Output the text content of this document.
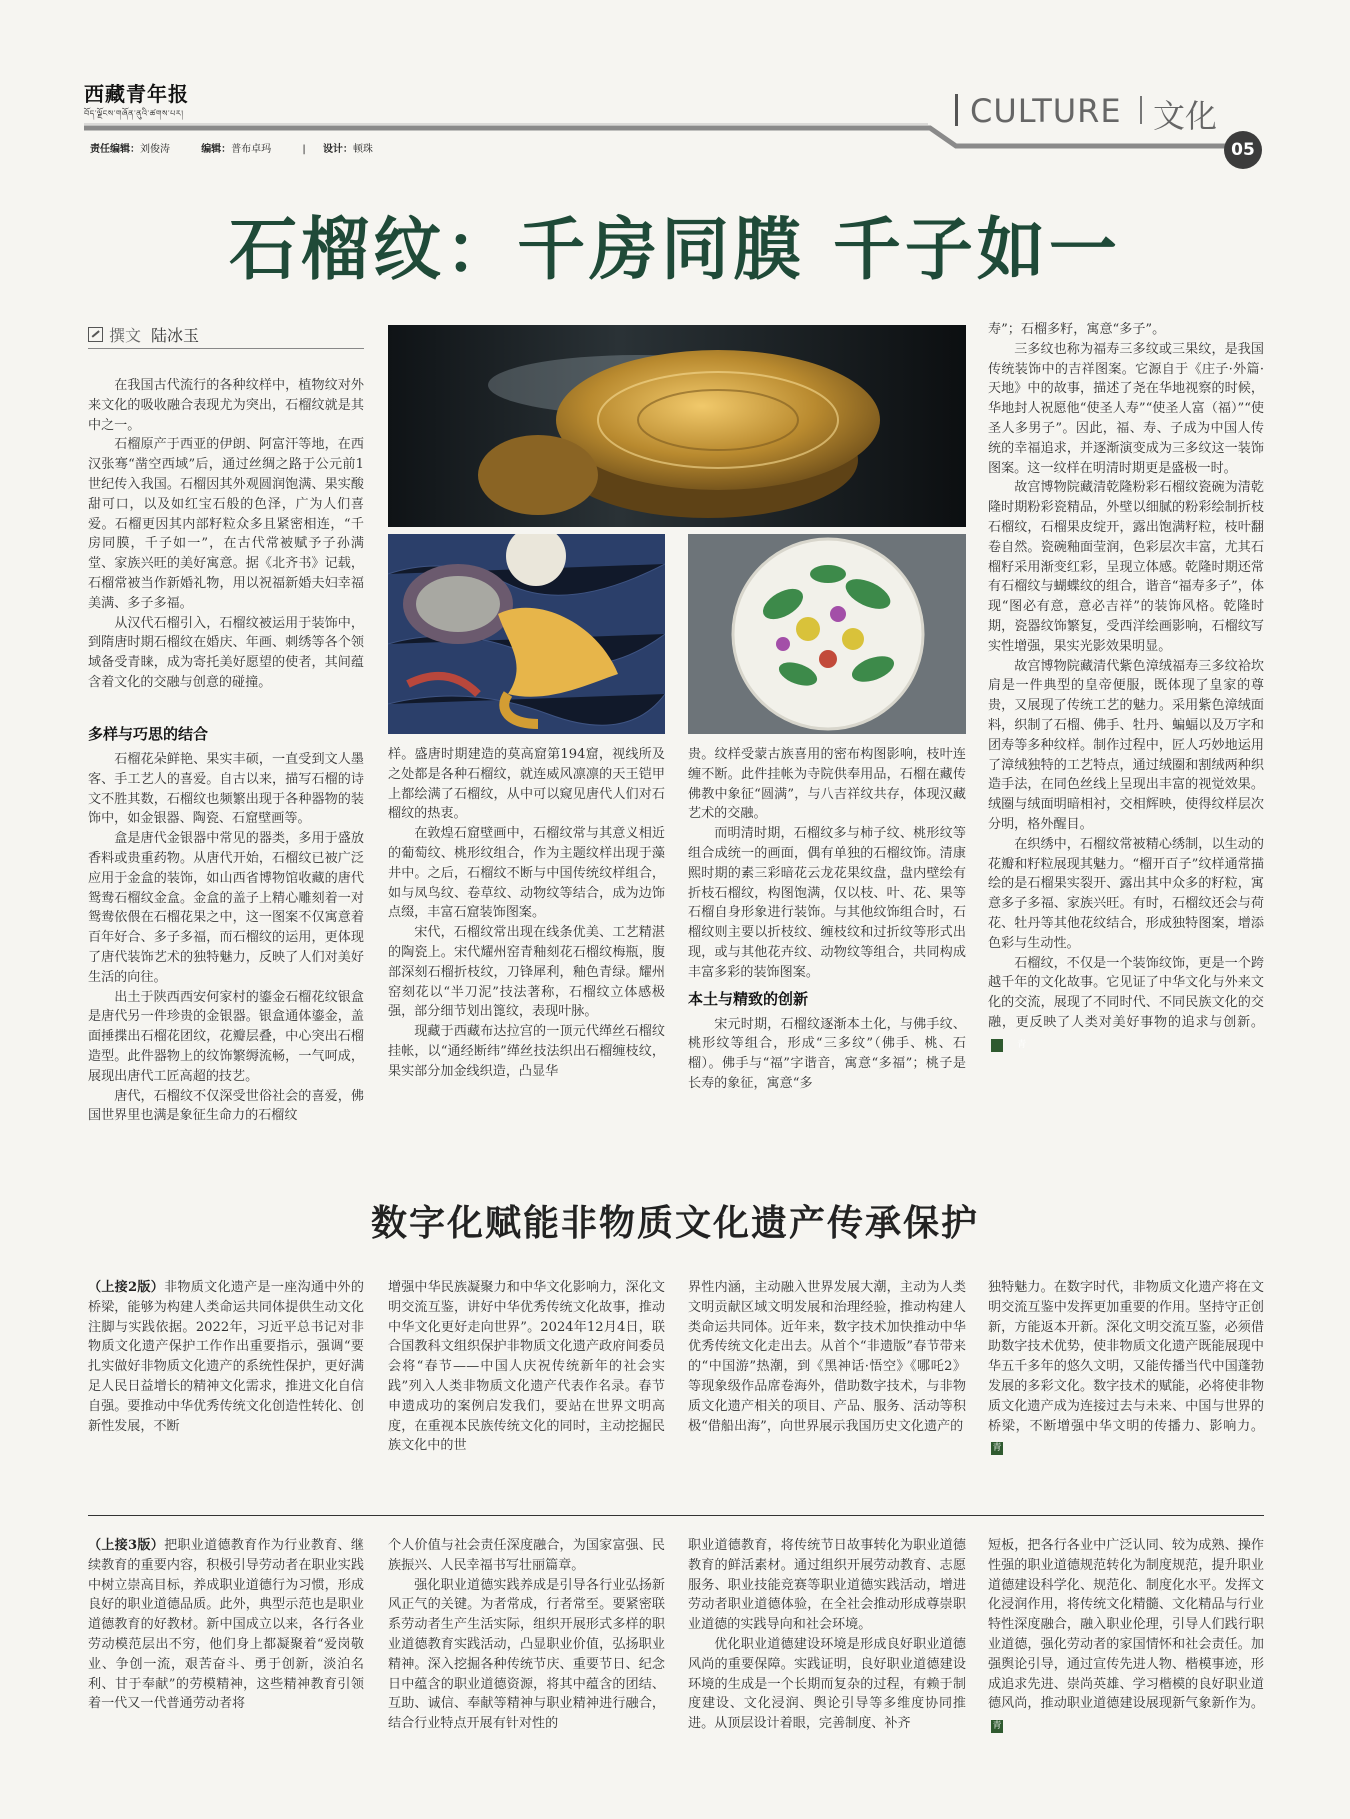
西藏青年报
བོད་ལྗོངས་གཞོན་ནུའི་ཚགས་པར།	CULTURE 文化
责任编辑：刘俊涛	编辑：普布卓玛	| 设计：顿珠	05
石榴纹：千房同膜 千子如一
撰文 陆冰玉

在我国古代流行的各种纹样中，植物纹对外来文化的吸收融合表现尤为突出，石榴纹就是其中之一。

石榴原产于西亚的伊朗、阿富汗等地，在西汉张骞“凿空西域”后，通过丝绸之路于公元前1世纪传入我国。石榴因其外观圆润饱满、果实酸甜可口，以及如红宝石般的色泽，广为人们喜爱。石榴更因其内部籽粒众多且紧密相连，“千房同膜，千子如一”，在古代常被赋予子孙满堂、家族兴旺的美好寓意。据《北齐书》记载，石榴常被当作新婚礼物，用以祝福新婚夫妇幸福美满、多子多福。

从汉代石榴引入，石榴纹被运用于装饰中，到隋唐时期石榴纹在婚庆、年画、刺绣等各个领域备受青睐，成为寄托美好愿望的使者，其间蕴含着文化的交融与创意的碰撞。

多样与巧思的结合

石榴花朵鲜艳、果实丰硕，一直受到文人墨客、手工艺人的喜爱。自古以来，描写石榴的诗文不胜其数，石榴纹也频繁出现于各种器物的装饰中，如金银器、陶瓷、石窟壁画等。

盒是唐代金银器中常见的器类，多用于盛放香料或贵重药物。从唐代开始，石榴纹已被广泛应用于金盒的装饰，如山西省博物馆收藏的唐代鸳鸯石榴纹金盒。金盒的盖子上精心雕刻着一对鸳鸯依偎在石榴花果之中，这一图案不仅寓意着百年好合、多子多福，而石榴纹的运用，更体现了唐代装饰艺术的独特魅力，反映了人们对美好生活的向往。

出土于陕西西安何家村的鎏金石榴花纹银盒是唐代另一件珍贵的金银器。银盒通体鎏金，盖面捶揲出石榴花团纹，花瓣层叠，中心突出石榴造型。此件器物上的纹饰繁缛流畅，一气呵成，展现出唐代工匠高超的技艺。

唐代，石榴纹不仅深受世俗社会的喜爱，佛国世界里也满是象征生命力的石榴纹

样。盛唐时期建造的莫高窟第194窟，视线所及之处都是各种石榴纹，就连威风凛凛的天王铠甲上都绘满了石榴纹，从中可以窥见唐代人们对石榴纹的热衷。

在敦煌石窟壁画中，石榴纹常与其意义相近的葡萄纹、桃形纹组合，作为主题纹样出现于藻井中。之后，石榴纹不断与中国传统纹样组合，如与凤鸟纹、卷草纹、动物纹等结合，成为边饰点缀，丰富石窟装饰图案。

宋代，石榴纹常出现在线条优美、工艺精湛的陶瓷上。宋代耀州窑青釉刻花石榴纹梅瓶，腹部深刻石榴折枝纹，刀锋犀利，釉色青绿。耀州窑刻花以“半刀泥”技法著称，石榴纹立体感极强，部分细节划出篦纹，表现叶脉。

现藏于西藏布达拉宫的一顶元代缂丝石榴纹挂帐，以“通经断纬”缂丝技法织出石榴缠枝纹，果实部分加金线织造，凸显华

贵。纹样受蒙古族喜用的密布构图影响，枝叶连缠不断。此件挂帐为寺院供奉用品，石榴在藏传佛教中象征“圆满”，与八吉祥纹共存，体现汉藏艺术的交融。

而明清时期，石榴纹多与柿子纹、桃形纹等组合成统一的画面，偶有单独的石榴纹饰。清康熙时期的素三彩暗花云龙花果纹盘，盘内壁绘有折枝石榴纹，构图饱满，仅以枝、叶、花、果等石榴自身形象进行装饰。与其他纹饰组合时，石榴纹则主要以折枝纹、缠枝纹和过折纹等形式出现，或与其他花卉纹、动物纹等组合，共同构成丰富多彩的装饰图案。

本土与精致的创新

宋元时期，石榴纹逐渐本土化，与佛手纹、桃形纹等组合，形成“三多纹”（佛手、桃、石榴）。佛手与“福”字谐音，寓意“多福”；桃子是长寿的象征，寓意“多

寿”；石榴多籽，寓意“多子”。

三多纹也称为福寿三多纹或三果纹，是我国传统装饰中的吉祥图案。它源自于《庄子·外篇·天地》中的故事，描述了尧在华地视察的时候，华地封人祝愿他“使圣人寿”“使圣人富（福）”“使圣人多男子”。因此，福、寿、子成为中国人传统的幸福追求，并逐渐演变成为三多纹这一装饰图案。这一纹样在明清时期更是盛极一时。

故宫博物院藏清乾隆粉彩石榴纹瓷碗为清乾隆时期粉彩瓷精品，外壁以细腻的粉彩绘制折枝石榴纹，石榴果皮绽开，露出饱满籽粒，枝叶翻卷自然。瓷碗釉面莹润，色彩层次丰富，尤其石榴籽采用渐变红彩，呈现立体感。乾隆时期还常有石榴纹与蝴蝶纹的组合，谐音“福寿多子”，体现“图必有意，意必吉祥”的装饰风格。乾隆时期，瓷器纹饰繁复，受西洋绘画影响，石榴纹写实性增强，果实光影效果明显。

故宫博物院藏清代紫色漳绒福寿三多纹袷坎肩是一件典型的皇帝便服，既体现了皇家的尊贵，又展现了传统工艺的魅力。采用紫色漳绒面料，织制了石榴、佛手、牡丹、蝙蝠以及万字和团寿等多种纹样。制作过程中，匠人巧妙地运用了漳绒独特的工艺特点，通过绒圈和割绒两种织造手法，在同色丝线上呈现出丰富的视觉效果。绒圈与绒面明暗相衬，交相辉映，使得纹样层次分明，格外醒目。

在织绣中，石榴纹常被精心绣制，以生动的花瓣和籽粒展现其魅力。“榴开百子”纹样通常描绘的是石榴果实裂开、露出其中众多的籽粒，寓意多子多福、家族兴旺。有时，石榴纹还会与荷花、牡丹等其他花纹结合，形成独特图案，增添色彩与生动性。

石榴纹，不仅是一个装饰纹饰，更是一个跨越千年的文化故事。它见证了中华文化与外来文化的交流，展现了不同时代、不同民族文化的交融，更反映了人类对美好事物的追求与创新。青

数字化赋能非物质文化遗产传承保护

（上接2版）非物质文化遗产是一座沟通中外的桥梁，能够为构建人类命运共同体提供生动文化注脚与实践依据。2022年，习近平总书记对非物质文化遗产保护工作作出重要指示，强调“要扎实做好非物质文化遗产的系统性保护，更好满足人民日益增长的精神文化需求，推进文化自信自强。要推动中华优秀传统文化创造性转化、创新性发展，不断

增强中华民族凝聚力和中华文化影响力，深化文明交流互鉴，讲好中华优秀传统文化故事，推动中华文化更好走向世界”。2024年12月4日，联合国教科文组织保护非物质文化遗产政府间委员会将“春节——中国人庆祝传统新年的社会实践”列入人类非物质文化遗产代表作名录。春节申遗成功的案例启发我们，要站在世界文明高度，在重视本民族传统文化的同时，主动挖掘民族文化中的世

界性内涵，主动融入世界发展大潮，主动为人类文明贡献区域文明发展和治理经验，推动构建人类命运共同体。近年来，数字技术加快推动中华优秀传统文化走出去。从首个“非遗版”春节带来的“中国游”热潮，到《黑神话·悟空》《哪吒2》等现象级作品席卷海外，借助数字技术，与非物质文化遗产相关的项目、产品、服务、活动等积极“借船出海”，向世界展示我国历史文化遗产的

独特魅力。在数字时代，非物质文化遗产将在文明交流互鉴中发挥更加重要的作用。坚持守正创新，方能返本开新。深化文明交流互鉴，必须借助数字技术优势，使非物质文化遗产既能展现中华五千多年的悠久文明，又能传播当代中国蓬勃发展的多彩文化。数字技术的赋能，必将使非物质文化遗产成为连接过去与未来、中国与世界的桥梁，不断增强中华文明的传播力、影响力。青

（上接3版）把职业道德教育作为行业教育、继续教育的重要内容，积极引导劳动者在职业实践中树立崇高目标，养成职业道德行为习惯，形成良好的职业道德品质。此外，典型示范也是职业道德教育的好教材。新中国成立以来，各行各业劳动模范层出不穷，他们身上都凝聚着“爱岗敬业、争创一流，艰苦奋斗、勇于创新，淡泊名利、甘于奉献”的劳模精神，这些精神教育引领着一代又一代普通劳动者将

个人价值与社会责任深度融合，为国家富强、民族振兴、人民幸福书写壮丽篇章。

强化职业道德实践养成是引导各行业弘扬新风正气的关键。为者常成，行者常至。要紧密联系劳动者生产生活实际，组织开展形式多样的职业道德教育实践活动，凸显职业价值，弘扬职业精神。深入挖掘各种传统节庆、重要节日、纪念日中蕴含的职业道德资源，将其中蕴含的团结、互助、诚信、奉献等精神与职业精神进行融合，结合行业特点开展有针对性的

职业道德教育，将传统节日故事转化为职业道德教育的鲜活素材。通过组织开展劳动教育、志愿服务、职业技能竞赛等职业道德实践活动，增进劳动者职业道德体验，在全社会推动形成尊崇职业道德的实践导向和社会环境。

优化职业道德建设环境是形成良好职业道德风尚的重要保障。实践证明，良好职业道德建设环境的生成是一个长期而复杂的过程，有赖于制度建设、文化浸润、舆论引导等多维度协同推进。从顶层设计着眼，完善制度、补齐

短板，把各行各业中广泛认同、较为成熟、操作性强的职业道德规范转化为制度规范，提升职业道德建设科学化、规范化、制度化水平。发挥文化浸润作用，将传统文化精髓、文化精品与行业特性深度融合，融入职业伦理，引导人们践行职业道德，强化劳动者的家国情怀和社会责任。加强舆论引导，通过宣传先进人物、楷模事迹，形成追求先进、崇尚英雄、学习楷模的良好职业道德风尚，推动职业道德建设展现新气象新作为。青
